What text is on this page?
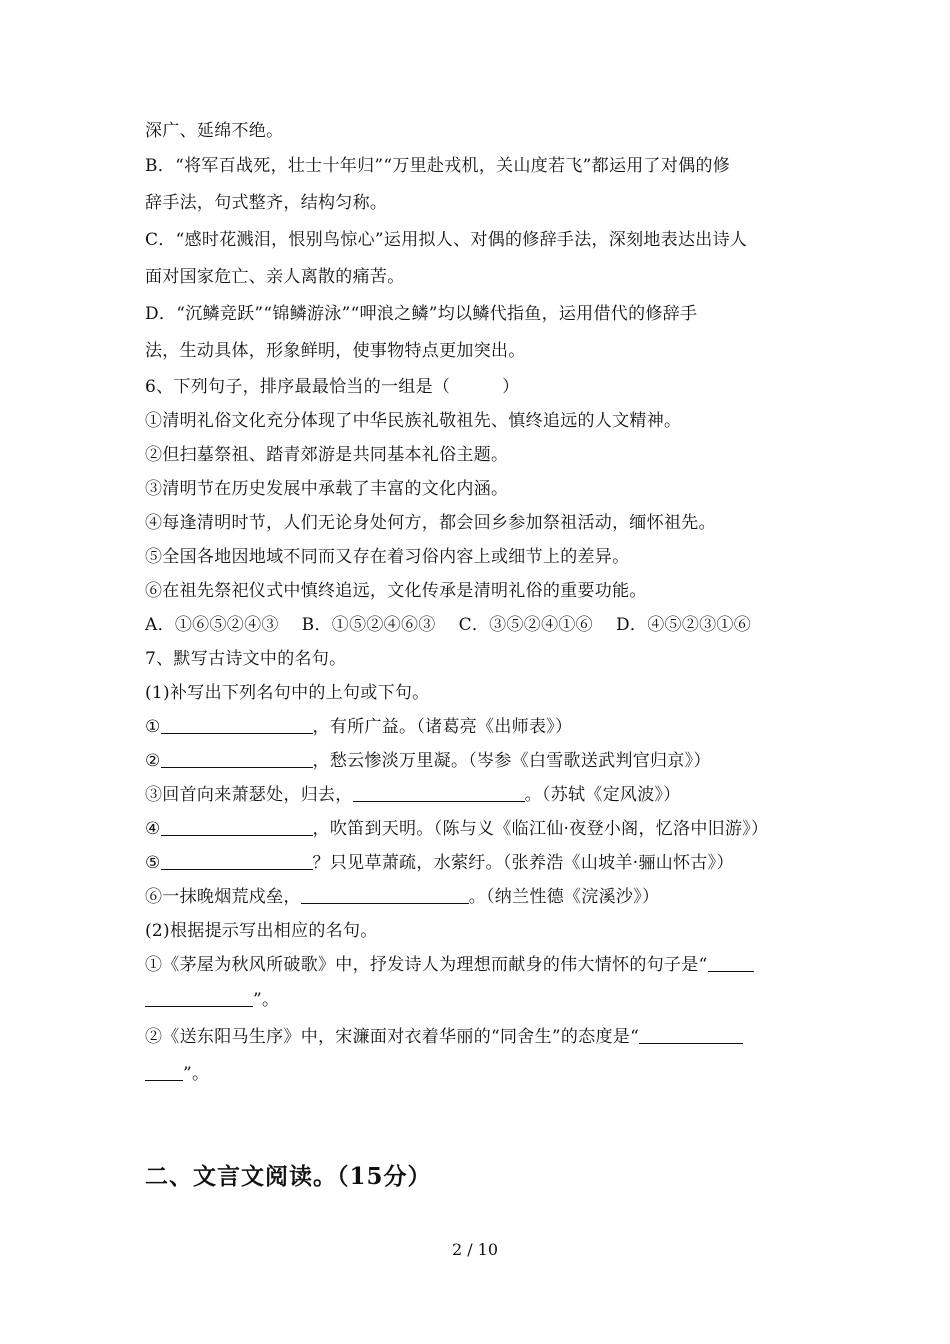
深广、延绵不绝。
B．“将军百战死，壮士十年归”“万里赴戎机，关山度若飞”都运用了对偶的修
辞手法，句式整齐，结构匀称。
C．“感时花溅泪，恨别鸟惊心”运用拟人、对偶的修辞手法，深刻地表达出诗人
面对国家危亡、亲人离散的痛苦。
D．“沉鳞竞跃”“锦鳞游泳”“呷浪之鳞”均以鳞代指鱼，运用借代的修辞手
法，生动具体，形象鲜明，使事物特点更加突出。
6、下列句子，排序最最恰当的一组是（　　　）
①清明礼俗文化充分体现了中华民族礼敬祖先、慎终追远的人文精神。
②但扫墓祭祖、踏青郊游是共同基本礼俗主题。
③清明节在历史发展中承载了丰富的文化内涵。
④每逢清明时节，人们无论身处何方，都会回乡参加祭祖活动，缅怀祖先。
⑤全国各地因地域不同而又存在着习俗内容上或细节上的差异。
⑥在祖先祭祀仪式中慎终追远，文化传承是清明礼俗的重要功能。
A．①⑥⑤②④③　 B．①⑤②④⑥③　 C．③⑤②④①⑥　 D．④⑤②③①⑥
7、默写古诗文中的名句。
(1)补写出下列名句中的上句或下句。
①	，有所广益。（诸葛亮《出师表》）
②	，愁云惨淡万里凝。（岑参《白雪歌送武判官归京》）
③回首向来萧瑟处，归去，	。（苏轼《定风波》）
④	，吹笛到天明。（陈与义《临江仙·夜登小阁，忆洛中旧游》）
⑤	？只见草萧疏，水萦纡。（张养浩《山坡羊·骊山怀古》）
⑥一抹晚烟荒戍垒，	。（纳兰性德《浣溪沙》）
(2)根据提示写出相应的名句。
①《茅屋为秋风所破歌》中，抒发诗人为理想而献身的伟大情怀的句子是“
”。
②《送东阳马生序》中，宋濂面对衣着华丽的“同舍生”的态度是“
”。
二、文言文阅读。（15分）
2 / 10
